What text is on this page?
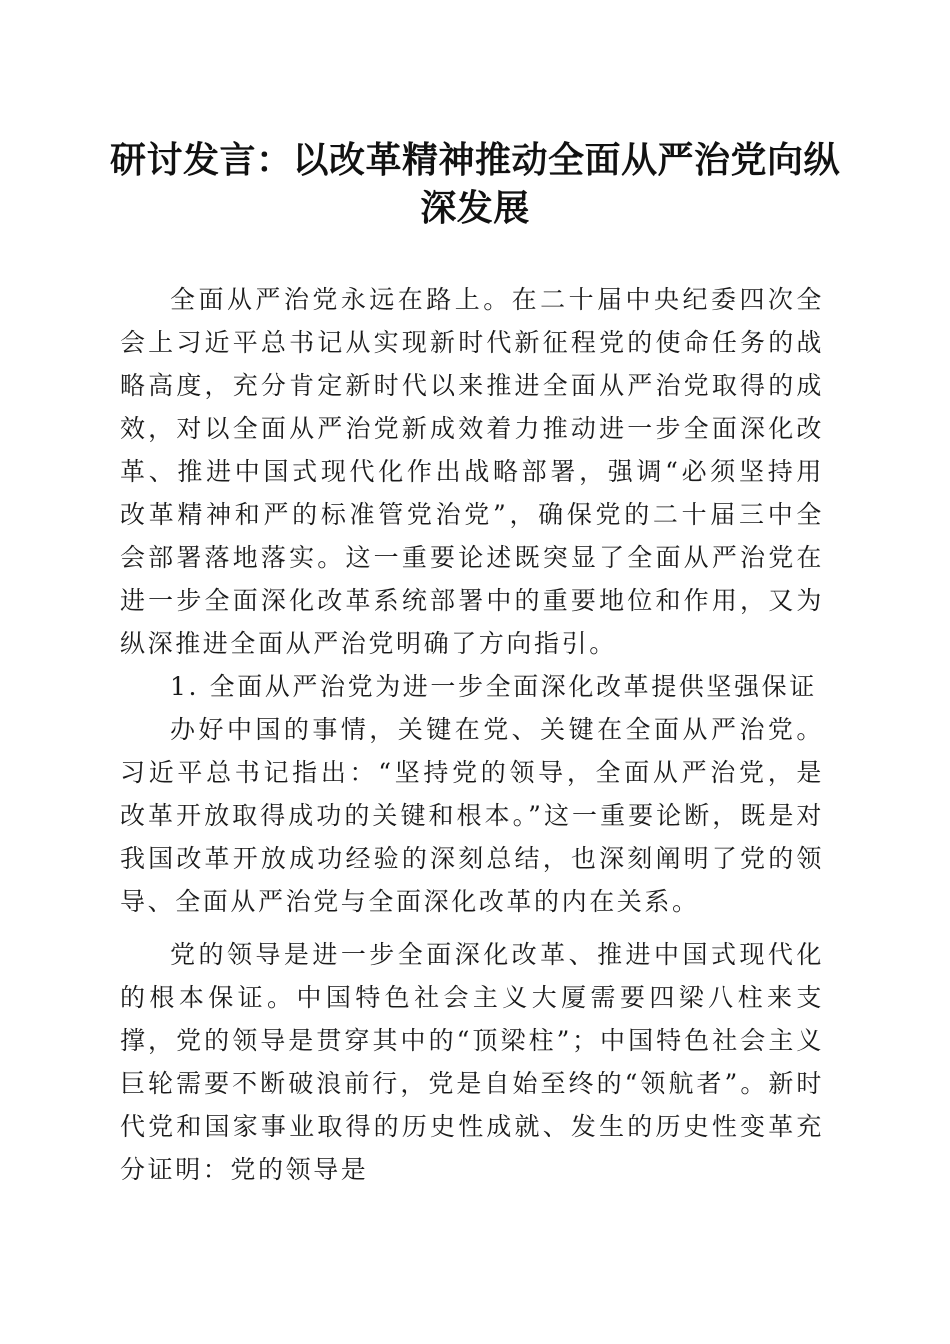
研讨发言：以改革精神推动全面从严治党向纵深发展

全面从严治党永远在路上。在二十届中央纪委四次全会上习近平总书记从实现新时代新征程党的使命任务的战略高度，充分肯定新时代以来推进全面从严治党取得的成效，对以全面从严治党新成效着力推动进一步全面深化改革、推进中国式现代化作出战略部署，强调“必须坚持用改革精神和严的标准管党治党”，确保党的二十届三中全会部署落地落实。这一重要论述既突显了全面从严治党在进一步全面深化改革系统部署中的重要地位和作用，又为纵深推进全面从严治党明确了方向指引。

1. 全面从严治党为进一步全面深化改革提供坚强保证

办好中国的事情，关键在党、关键在全面从严治党。习近平总书记指出：“坚持党的领导，全面从严治党，是改革开放取得成功的关键和根本。”这一重要论断，既是对我国改革开放成功经验的深刻总结，也深刻阐明了党的领导、全面从严治党与全面深化改革的内在关系。

党的领导是进一步全面深化改革、推进中国式现代化的根本保证。中国特色社会主义大厦需要四梁八柱来支撑，党的领导是贯穿其中的“顶梁柱”；中国特色社会主义巨轮需要不断破浪前行，党是自始至终的“领航者”。新时代党和国家事业取得的历史性成就、发生的历史性变革充分证明：党的领导是
